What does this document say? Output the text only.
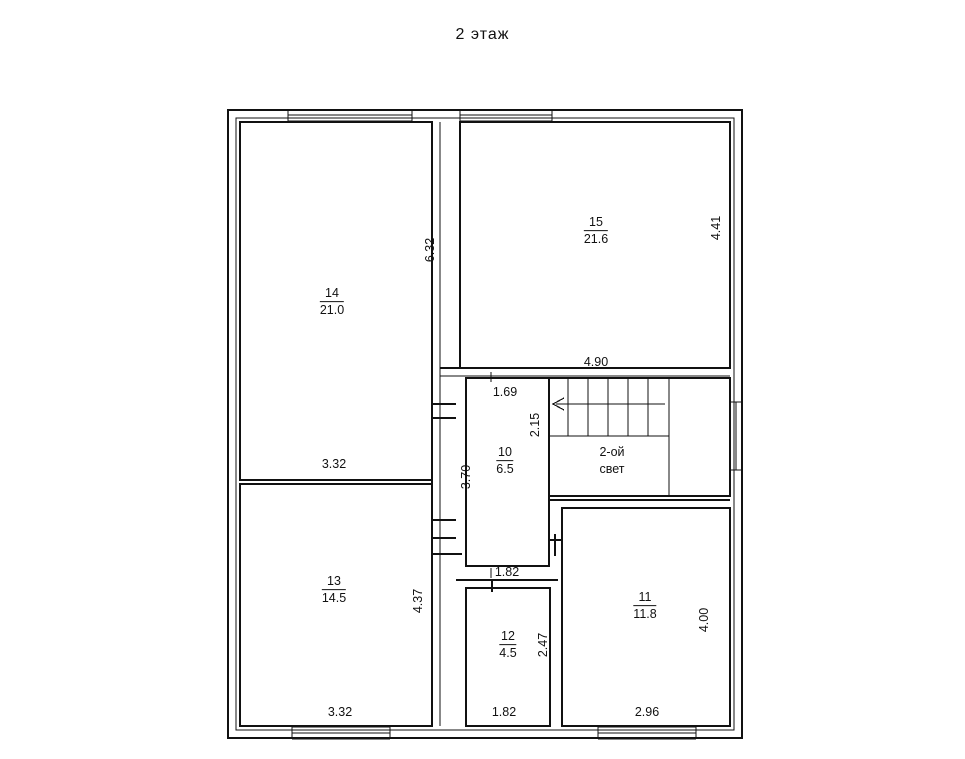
2 этаж
14
21.0
15
21.6
13
14.5
10
6.5
11
11.8
12
4.5
2-ой
свет
6.32
4.41
4.90
1.69
2.15
3.32
3.70
1.82
4.37
2.47
4.00
3.32	1.82	2.96
